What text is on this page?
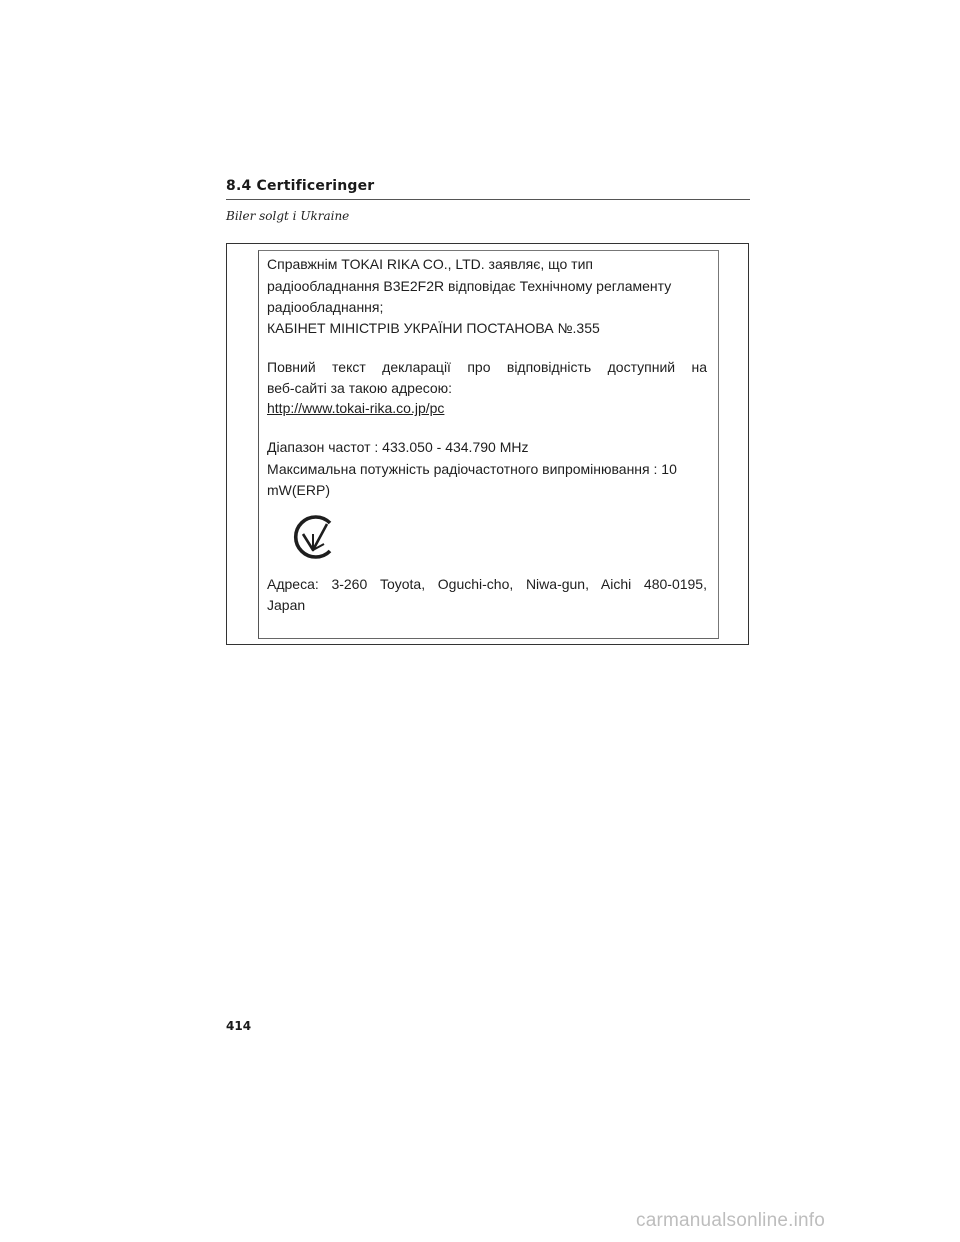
8.4 Certificeringer
Biler solgt i Ukraine
Справжнім TOKAI RIKA CO., LTD. заявляє, що тип
радіообладнання B3E2F2R відповідає Технічному регламенту
радіообладнання;
КАБІНЕТ МІНІСТРІВ УКРАЇНИ ПОСТАНОВА №.355
Повний текст декларації про відповідність доступний на
веб-сайті за такою адресою:
http://www.tokai-rika.co.jp/pc
Діапазон частот : 433.050 - 434.790 MHz
Максимальна потужність радіочастотного випромінювання : 10
mW(ERP)
Адреса: 3-260 Toyota, Oguchi-cho, Niwa-gun, Aichi 480-0195,
Japan
414
carmanualsonline.info
